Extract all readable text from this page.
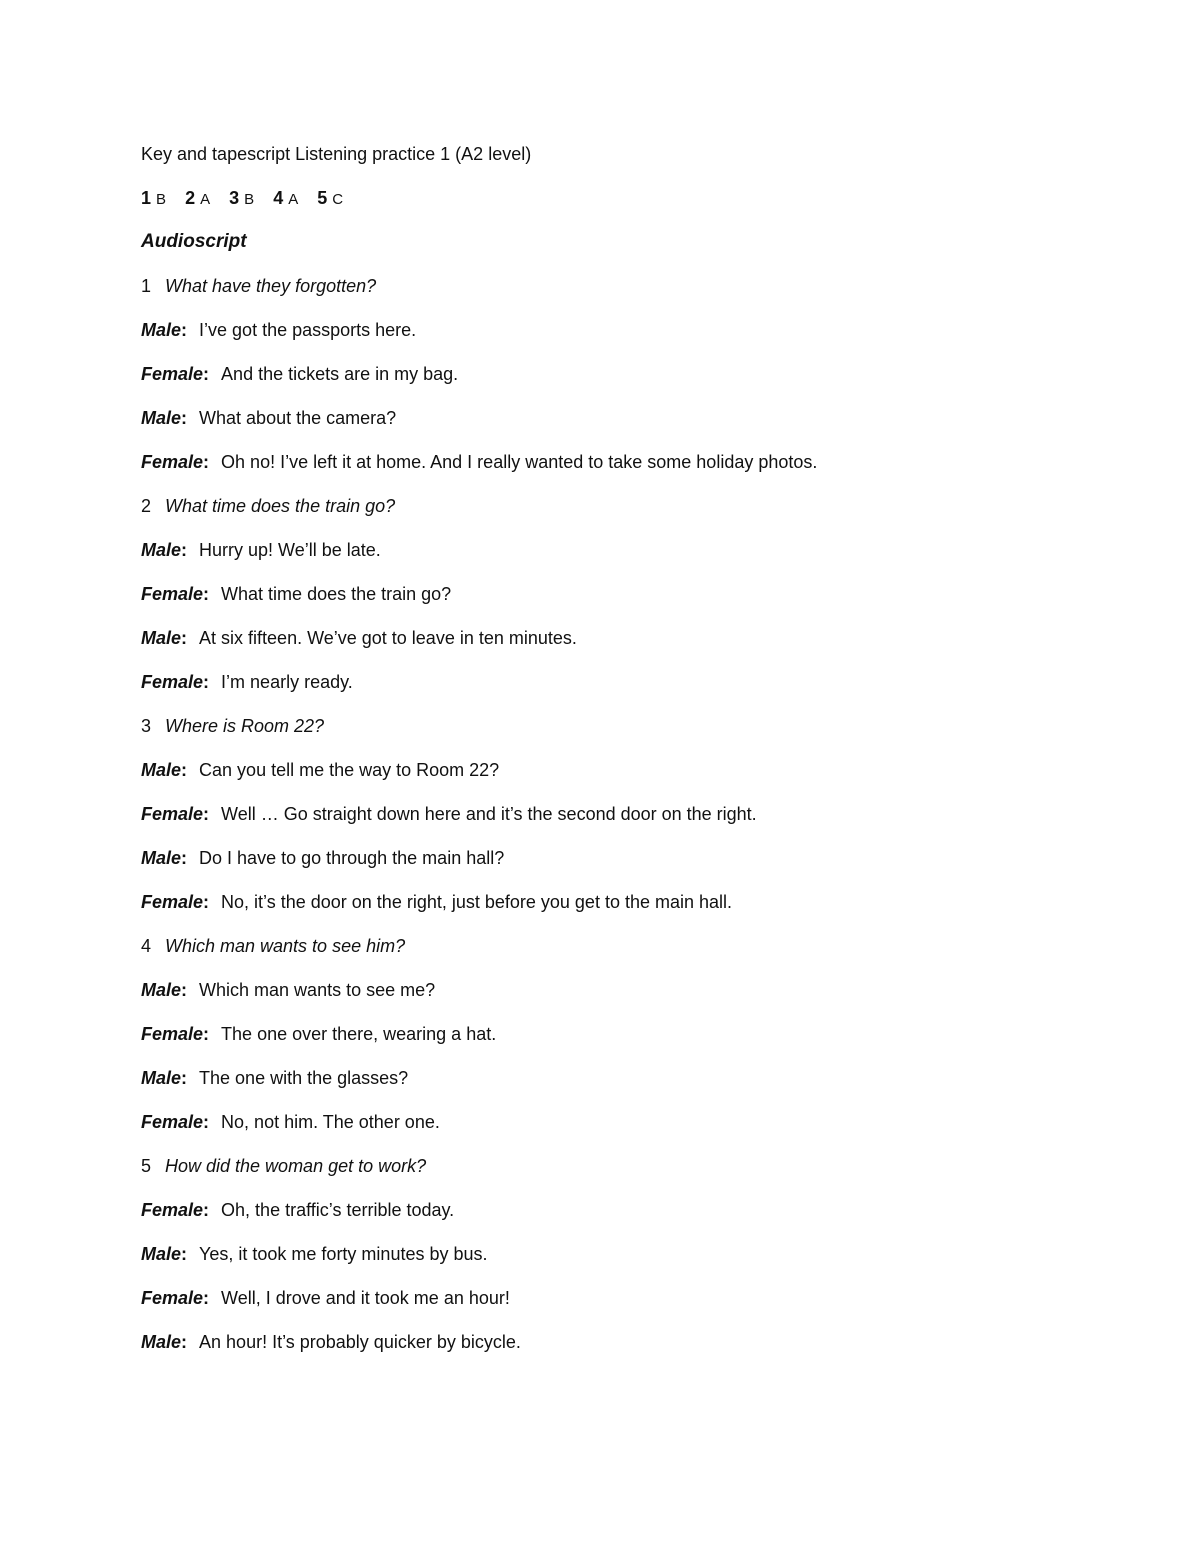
Key and tapescript Listening practice 1 (A2 level)
1 B 2 A 3 B 4 A 5 C
Audioscript
1 What have they forgotten?
Male: I’ve got the passports here.
Female: And the tickets are in my bag.
Male: What about the camera?
Female: Oh no! I’ve left it at home. And I really wanted to take some holiday photos.
2 What time does the train go?
Male: Hurry up! We’ll be late.
Female: What time does the train go?
Male: At six fifteen. We’ve got to leave in ten minutes.
Female: I’m nearly ready.
3 Where is Room 22?
Male: Can you tell me the way to Room 22?
Female: Well … Go straight down here and it’s the second door on the right.
Male: Do I have to go through the main hall?
Female: No, it’s the door on the right, just before you get to the main hall.
4 Which man wants to see him?
Male: Which man wants to see me?
Female: The one over there, wearing a hat.
Male: The one with the glasses?
Female: No, not him. The other one.
5 How did the woman get to work?
Female: Oh, the traffic’s terrible today.
Male: Yes, it took me forty minutes by bus.
Female: Well, I drove and it took me an hour!
Male: An hour! It’s probably quicker by bicycle.
